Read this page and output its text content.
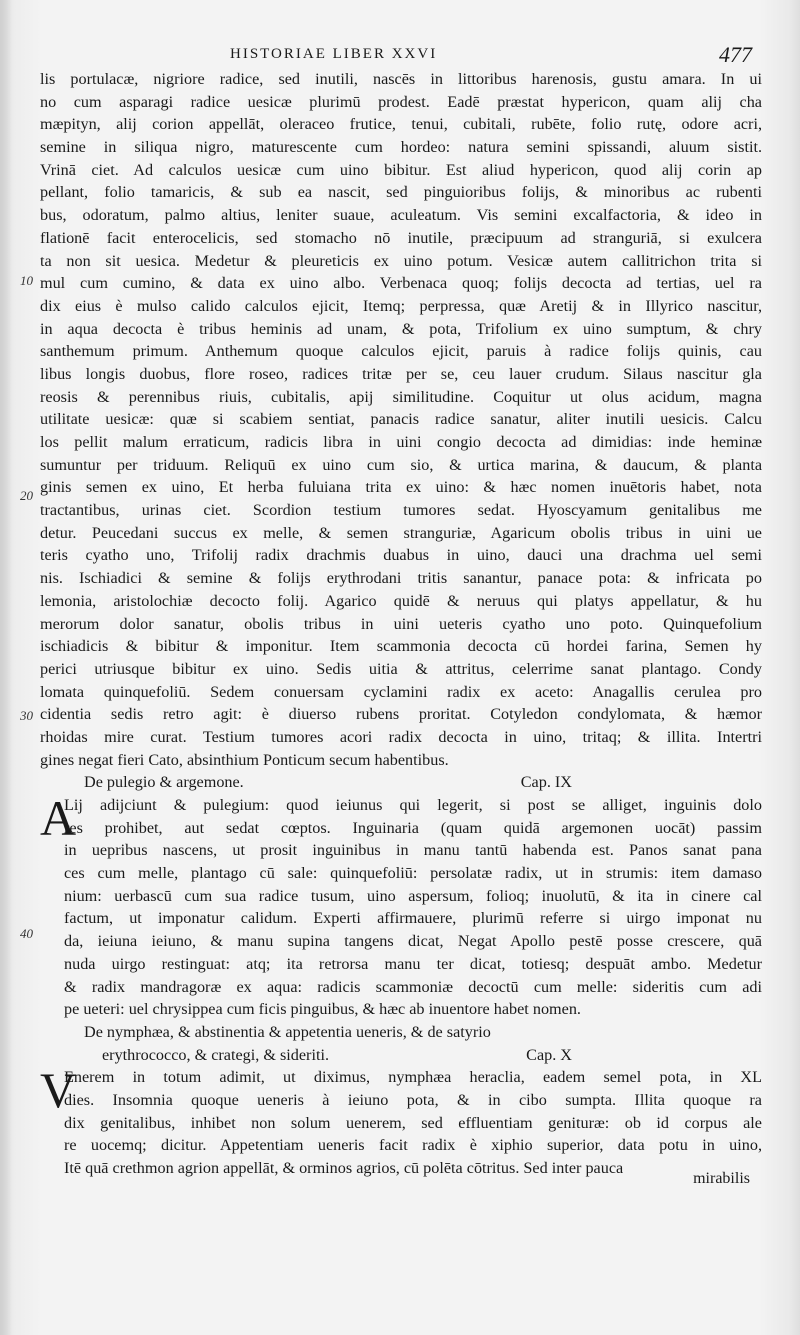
HISTORIAE LIBER XXVI	477
10
20
30
40
lis portulacæ, nigriore radice, sed inutili, nascēs in littoribus harenosis, gustu amara. In ui
no cum asparagi radice uesicæ plurimū prodest. Eadē præstat hypericon, quam alij cha
mæpityn, alij corion appellāt, oleraceo frutice, tenui, cubitali, rubēte, folio rutę, odore acri,
semine in siliqua nigro, maturescente cum hordeo: natura semini spissandi, aluum sistit.
Vrinā ciet. Ad calculos uesicæ cum uino bibitur. Est aliud hypericon, quod alij corin ap
pellant, folio tamaricis, & sub ea nascit, sed pinguioribus folijs, & minoribus ac rubenti
bus, odoratum, palmo altius, leniter suaue, aculeatum. Vis semini excalfactoria, & ideo in
flationē facit enterocelicis, sed stomacho nō inutile, præcipuum ad stranguriā, si exulcera
ta non sit uesica. Medetur & pleureticis ex uino potum. Vesicæ autem callitrichon trita si
mul cum cumino, & data ex uino albo. Verbenaca quoq; folijs decocta ad tertias, uel ra
dix eius è mulso calido calculos ejicit, Itemq; perpressa, quæ Aretij & in Illyrico nascitur,
in aqua decocta è tribus heminis ad unam, & pota, Trifolium ex uino sumptum, & chry
santhemum primum. Anthemum quoque calculos ejicit, paruis à radice folijs quinis, cau
libus longis duobus, flore roseo, radices tritæ per se, ceu lauer crudum. Silaus nascitur gla
reosis & perennibus riuis, cubitalis, apij similitudine. Coquitur ut olus acidum, magna
utilitate uesicæ: quæ si scabiem sentiat, panacis radice sanatur, aliter inutili uesicis. Calcu
los pellit malum erraticum, radicis libra in uini congio decocta ad dimidias: inde heminæ
sumuntur per triduum. Reliquū ex uino cum sio, & urtica marina, & daucum, & planta
ginis semen ex uino, Et herba fuluiana trita ex uino: & hæc nomen inuētoris habet, nota
tractantibus, urinas ciet. Scordion testium tumores sedat. Hyoscyamum genitalibus me
detur. Peucedani succus ex melle, & semen stranguriæ, Agaricum obolis tribus in uini ue
teris cyatho uno, Trifolij radix drachmis duabus in uino, dauci una drachma uel semi
nis. Ischiadici & semine & folijs erythrodani tritis sanantur, panace pota: & infricata po
lemonia, aristolochiæ decocto folij. Agarico quidē & neruus qui platys appellatur, & hu
merorum dolor sanatur, obolis tribus in uini ueteris cyatho uno poto. Quinquefolium
ischiadicis & bibitur & imponitur. Item scammonia decocta cū hordei farina, Semen hy
perici utriusque bibitur ex uino. Sedis uitia & attritus, celerrime sanat plantago. Condy
lomata quinquefoliū. Sedem conuersam cyclamini radix ex aceto: Anagallis cerulea pro
cidentia sedis retro agit: è diuerso rubens proritat. Cotyledon condylomata, & hæmor
rhoidas mire curat. Testium tumores acori radix decocta in uino, tritaq; & illita. Intertri
gines negat fieri Cato, absinthium Ponticum secum habentibus.
De pulegio & argemone.	Cap. IX
A
Lij adijciunt & pulegium: quod ieiunus qui legerit, si post se alliget, inguinis dolo
res prohibet, aut sedat cœptos. Inguinaria (quam quidā argemonen uocāt) passim
in uepribus nascens, ut prosit inguinibus in manu tantū habenda est. Panos sanat pana
ces cum melle, plantago cū sale: quinquefoliū: persolatæ radix, ut in strumis: item damaso
nium: uerbascū cum sua radice tusum, uino aspersum, folioq; inuolutū, & ita in cinere cal
factum, ut imponatur calidum. Experti affirmauere, plurimū referre si uirgo imponat nu
da, ieiuna ieiuno, & manu supina tangens dicat, Negat Apollo pestē posse crescere, quā
nuda uirgo restinguat: atq; ita retrorsa manu ter dicat, totiesq; despuāt ambo. Medetur
& radix mandragoræ ex aqua: radicis scammoniæ decoctū cum melle: sideritis cum adi
pe ueteri: uel chrysippea cum ficis pinguibus, & hæc ab inuentore habet nomen.
De nymphæa, & abstinentia & appetentia ueneris, & de satyrio
erythrococco, & crategi, & sideriti.	Cap. X
V
Enerem in totum adimit, ut diximus, nymphæa heraclia, eadem semel pota, in XL
dies. Insomnia quoque ueneris à ieiuno pota, & in cibo sumpta. Illita quoque ra
dix genitalibus, inhibet non solum uenerem, sed effluentiam genituræ: ob id corpus ale
re uocemq; dicitur. Appetentiam ueneris facit radix è xiphio superior, data potu in uino,
Itē quā crethmon agrion appellāt, & orminos agrios, cū polēta cōtritus. Sed inter pauca
mirabilis
